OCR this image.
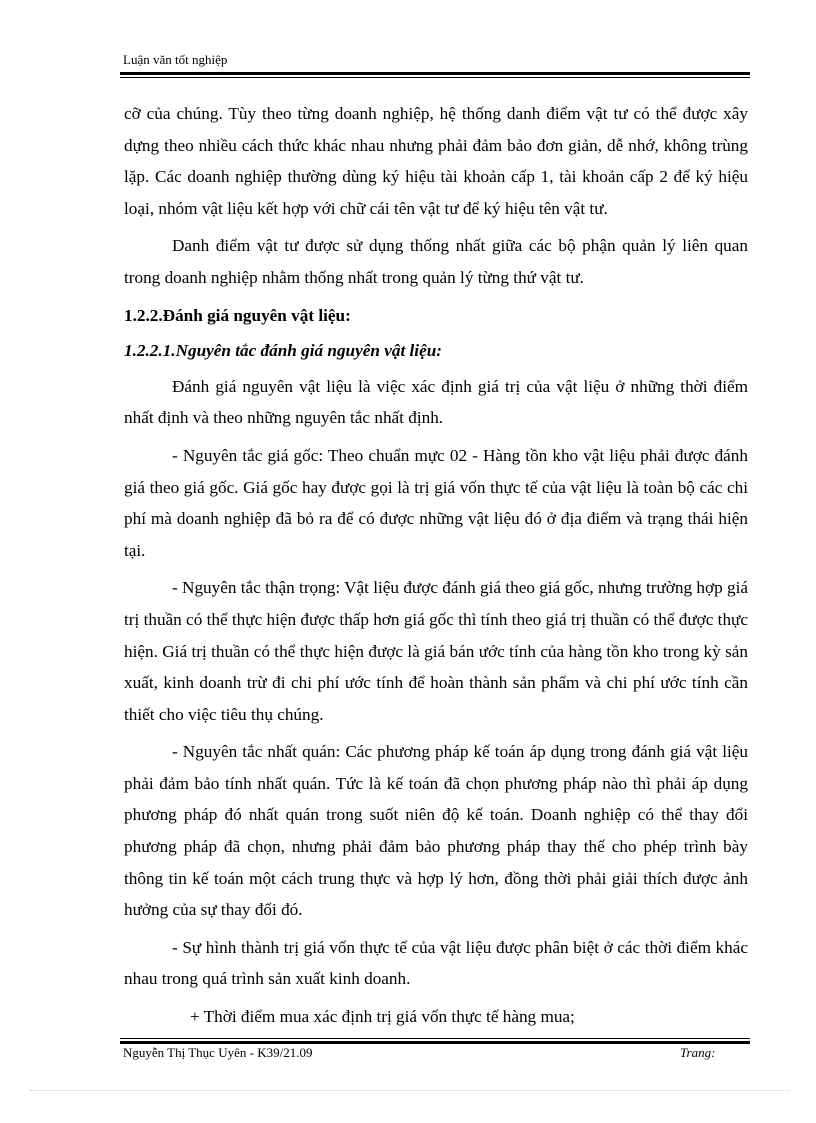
Luận văn tốt nghiệp

cỡ của chúng. Tùy theo từng doanh nghiệp, hệ thống danh điểm vật tư có thể được xây dựng theo nhiều cách thức khác nhau nhưng phải đảm bảo đơn giản, dễ nhớ, không trùng lặp. Các doanh nghiệp thường dùng ký hiệu tài khoản cấp 1, tài khoản cấp 2 để ký hiệu loại, nhóm vật liệu kết hợp với chữ cái tên vật tư để ký hiệu tên vật tư.

Danh điểm vật tư được sử dụng thống nhất giữa các bộ phận quản lý liên quan trong doanh nghiệp nhằm thống nhất trong quản lý từng thứ vật tư.

1.2.2.Đánh giá nguyên vật liệu:
1.2.2.1.Nguyên tắc đánh giá nguyên vật liệu:

Đánh giá nguyên vật liệu là việc xác định giá trị của vật liệu ở những thời điểm nhất định và theo những nguyên tắc nhất định.

- Nguyên tắc giá gốc: Theo chuẩn mực 02 - Hàng tồn kho vật liệu phải được đánh giá theo giá gốc. Giá gốc hay được gọi là trị giá vốn thực tế của vật liệu là toàn bộ các chi phí mà doanh nghiệp đã bỏ ra để có được những vật liệu đó ở địa điểm và trạng thái hiện tại.

- Nguyên tắc thận trọng: Vật liệu được đánh giá theo giá gốc, nhưng trường hợp giá trị thuần có thể thực hiện được thấp hơn giá gốc thì tính theo giá trị thuần có thể được thực hiện. Giá trị thuần có thể thực hiện được là giá bán ước tính của hàng tồn kho trong kỳ sản xuất, kinh doanh trừ đi chi phí ước tính để hoàn thành sản phẩm và chi phí ước tính cần thiết cho việc tiêu thụ chúng.

- Nguyên tắc nhất quán: Các phương pháp kế toán áp dụng trong đánh giá vật liệu phải đảm bảo tính nhất quán. Tức là kế toán đã chọn phương pháp nào thì phải áp dụng phương pháp đó nhất quán trong suốt niên độ kế toán. Doanh nghiệp có thể thay đổi phương pháp đã chọn, nhưng phải đảm bảo phương pháp thay thế cho phép trình bày thông tin kế toán một cách trung thực và hợp lý hơn, đồng thời phải giải thích được ảnh hưởng của sự thay đổi đó.

- Sự hình thành trị giá vốn thực tế của vật liệu được phân biệt ở các thời điểm khác nhau trong quá trình sản xuất kinh doanh.

+ Thời điểm mua xác định trị giá vốn thực tế hàng mua;

Nguyễn Thị Thục Uyên - K39/21.09	Trang:
